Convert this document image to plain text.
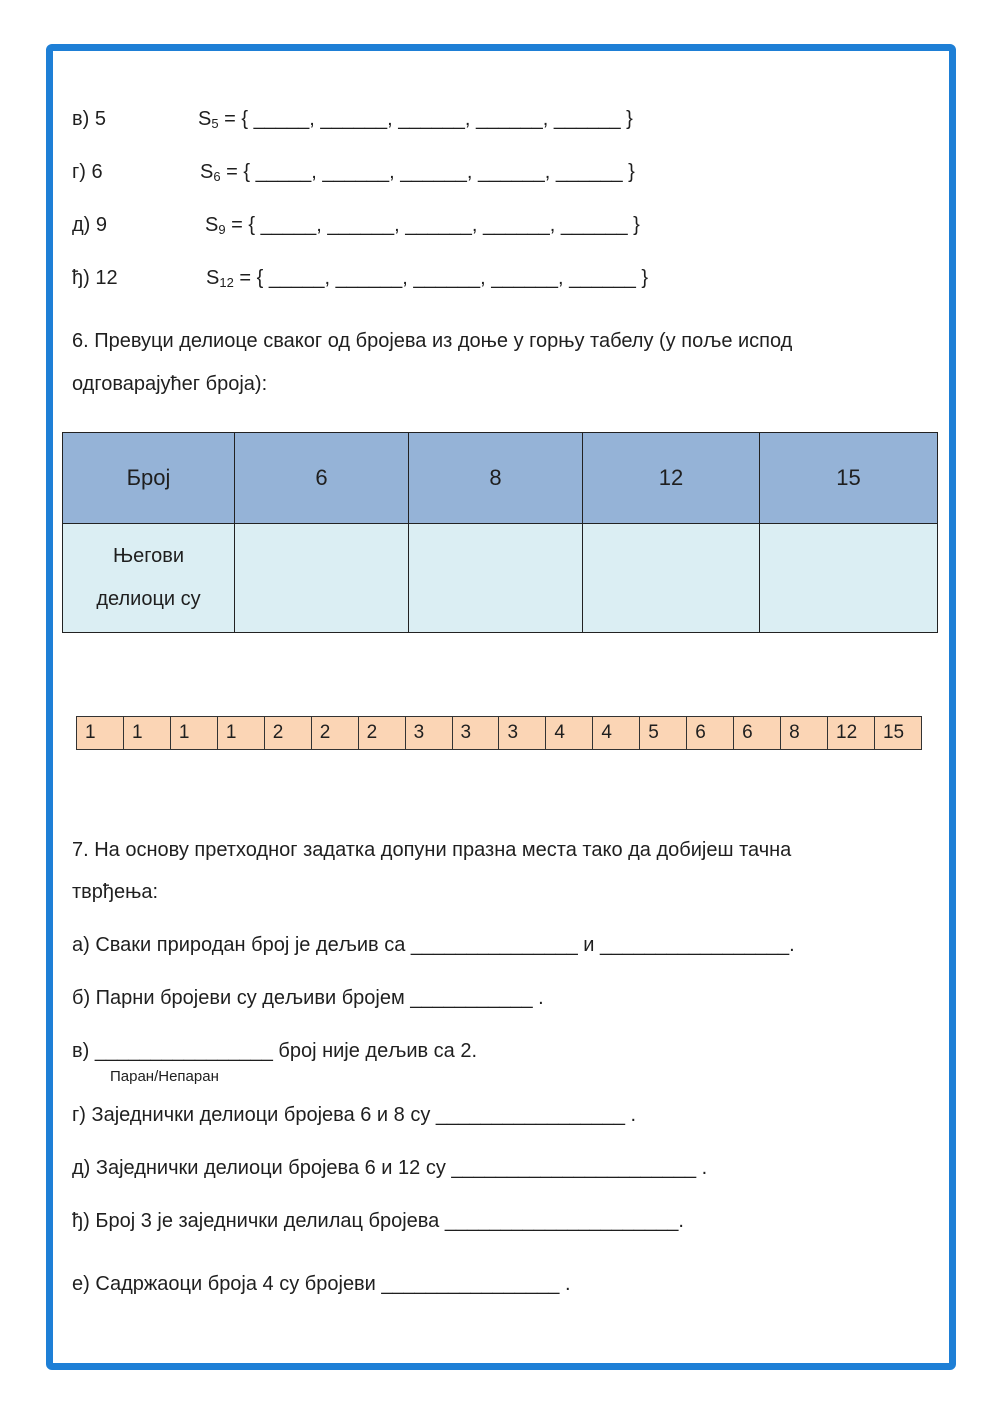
в) 5	$S_5$ = { _____, ______, ______, ______, ______ }
г) 6	$S_6$ = { _____, ______, ______, ______, ______ }
д) 9	$S_9$ = { _____, ______, ______, ______, ______ }
ђ) 12	$S_{12}$ = { _____, ______, ______, ______, ______ }
6. Превуци делиоце сваког од бројева из доње у горњу табелу (у поље испод
одговарајућег броја):
Број	6	8	12	15

Његови
делиоци су				

1	1	1	1	2	2	2	3	3	3	4	4	5	6	6	8	12	15
7. На основу претходног задатка допуни празна места тако да добијеш тачна
тврђења:
а) Сваки природан број је дељив са _______________ и _________________.
б) Парни бројеви су дељиви бројем ___________ .
в) ________________ број није дељив са 2.
Паран/Непаран
г) Заједнички делиоци бројева 6 и 8 су _________________ .
д) Заједнички делиоци бројева 6 и 12 су ______________________ .
ђ) Број 3 је заједнички делилац бројева _____________________.
е) Садржаоци броја 4 су бројеви ________________ .
